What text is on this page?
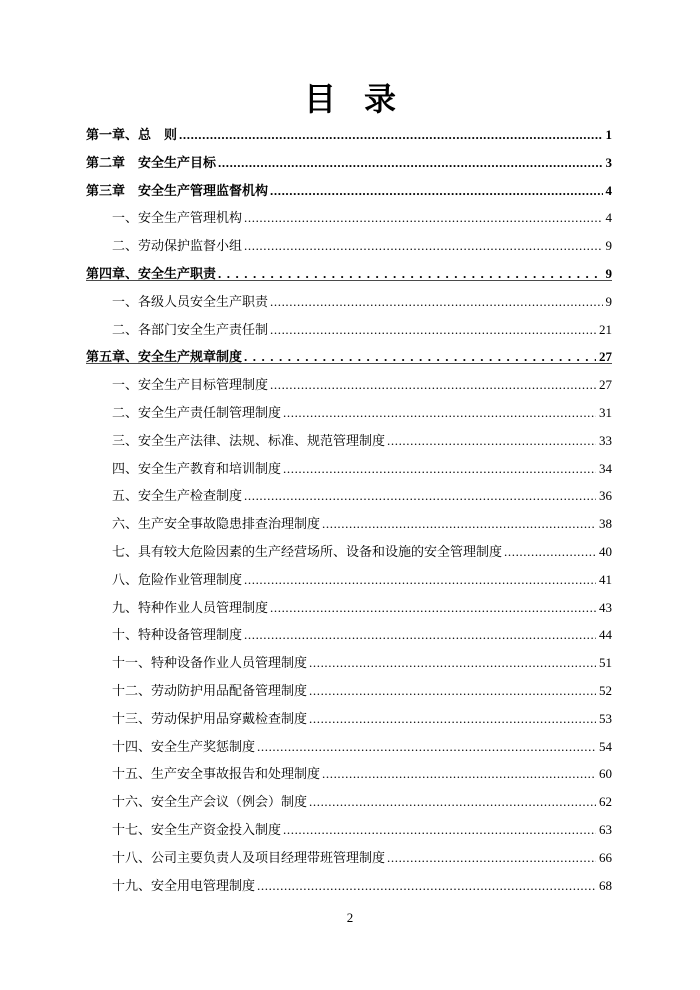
目 录
第一章、总　则 .....	1
第二章　安全生产目标 .....	3
第三章　安全生产管理监督机构 .....	4
一、安全生产管理机构 .....	4
二、劳动保护监督小组 .....	9
第四章、安全生产职责 .....	9
一、各级人员安全生产职责 .....	9
二、各部门安全生产责任制 .....	21
第五章、安全生产规章制度 .....	27
一、安全生产目标管理制度 .....	27
二、安全生产责任制管理制度 .....	31
三、安全生产法律、法规、标准、规范管理制度 .....	33
四、安全生产教育和培训制度 .....	34
五、安全生产检查制度 .....	36
六、生产安全事故隐患排查治理制度 .....	38
七、具有较大危险因素的生产经营场所、设备和设施的安全管理制度 .....	40
八、危险作业管理制度 .....	41
九、特种作业人员管理制度 .....	43
十、特种设备管理制度 .....	44
十一、特种设备作业人员管理制度 .....	51
十二、劳动防护用品配备管理制度 .....	52
十三、劳动保护用品穿戴检查制度 .....	53
十四、安全生产奖惩制度 .....	54
十五、生产安全事故报告和处理制度 .....	60
十六、安全生产会议（例会）制度 .....	62
十七、安全生产资金投入制度 .....	63
十八、公司主要负责人及项目经理带班管理制度 .....	66
十九、安全用电管理制度 .....	68
2
